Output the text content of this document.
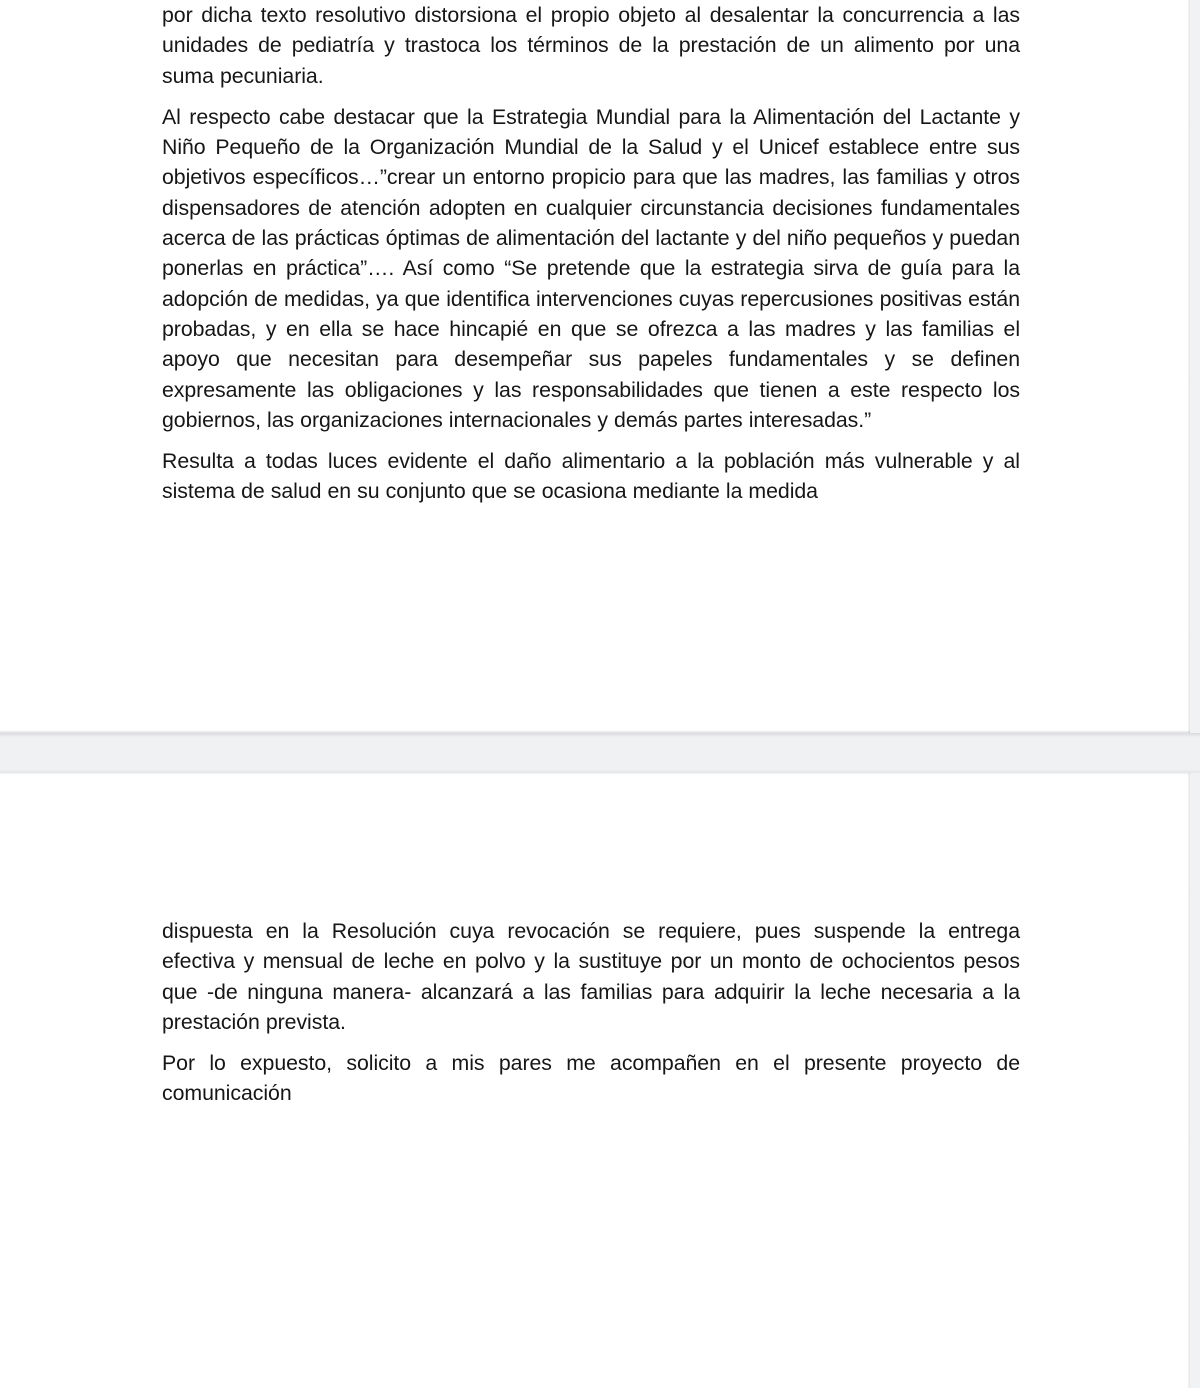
por dicha texto resolutivo distorsiona el propio objeto al desalentar la concurrencia a las unidades de pediatría y trastoca los términos de la prestación de un alimento por una suma pecuniaria.

Al respecto cabe destacar que la Estrategia Mundial para la Alimentación del Lactante y Niño Pequeño de la Organización Mundial de la Salud y el Unicef establece entre sus objetivos específicos…”crear un entorno propicio para que las madres, las familias y otros dispensadores de atención adopten en cualquier circunstancia decisiones fundamentales acerca de las prácticas óptimas de alimentación del lactante y del niño pequeños y puedan ponerlas en práctica”…. Así como “Se pretende que la estrategia sirva de guía para la adopción de medidas, ya que identifica intervenciones cuyas repercusiones positivas están probadas, y en ella se hace hincapié en que se ofrezca a las madres y las familias el apoyo que necesitan para desempeñar sus papeles fundamentales y se definen expresamente las obligaciones y las responsabilidades que tienen a este respecto los gobiernos, las organizaciones internacionales y demás partes interesadas.”

Resulta a todas luces evidente el daño alimentario a la población más vulnerable y al sistema de salud en su conjunto que se ocasiona mediante la medida

dispuesta en la Resolución cuya revocación se requiere, pues suspende la entrega efectiva y mensual de leche en polvo y la sustituye por un monto de ochocientos pesos que -de ninguna manera- alcanzará a las familias para adquirir la leche necesaria a la prestación prevista.

Por lo expuesto, solicito a mis pares me acompañen en el presente proyecto de comunicación
